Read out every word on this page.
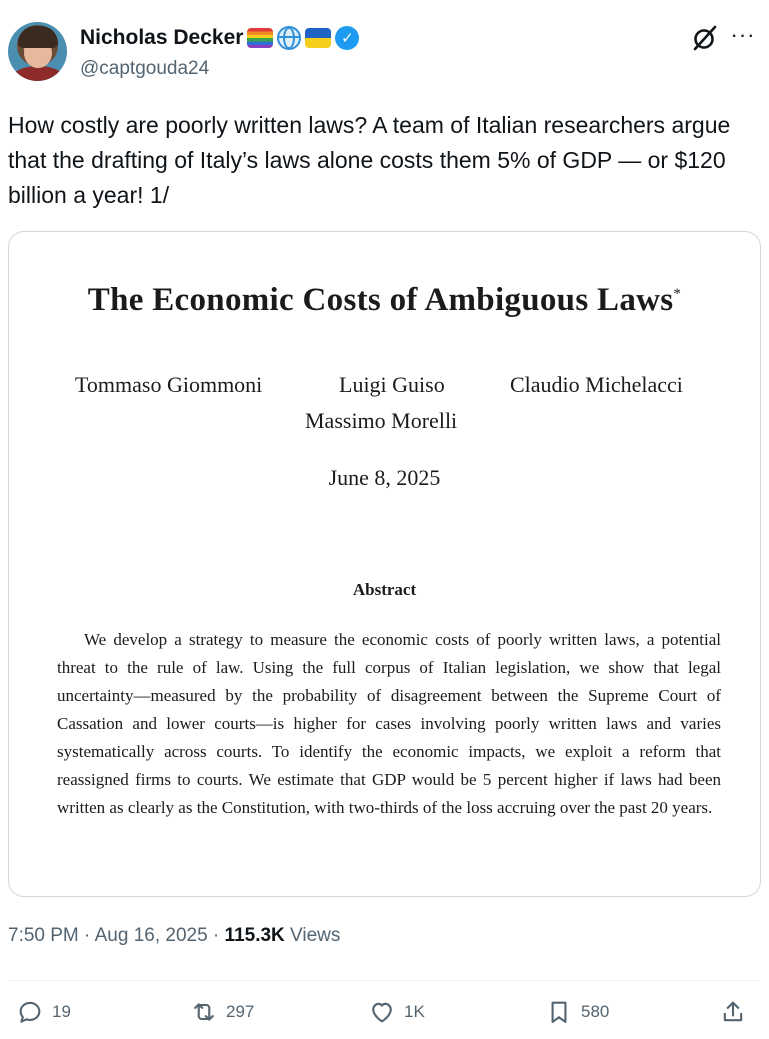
Nicholas Decker	✓
@captgouda24
···
How costly are poorly written laws? A team of Italian researchers argue that the drafting of Italy’s laws alone costs them 5% of GDP — or $120 billion a year! 1/
The Economic Costs of Ambiguous Laws*
Tommaso Giommoni	Luigi Guiso	Claudio Michelacci
Massimo Morelli
June 8, 2025
Abstract
We develop a strategy to measure the economic costs of poorly written laws, a potential threat to the rule of law. Using the full corpus of Italian legislation, we show that legal uncertainty—measured by the probability of disagreement between the Supreme Court of Cassation and lower courts—is higher for cases involving poorly written laws and varies systematically across courts. To identify the economic impacts, we exploit a reform that reassigned firms to courts. We estimate that GDP would be 5 percent higher if laws had been written as clearly as the Constitution, with two-thirds of the loss accruing over the past 20 years.
7:50 PM · Aug 16, 2025 · 115.3K Views
19	297	1K	580
